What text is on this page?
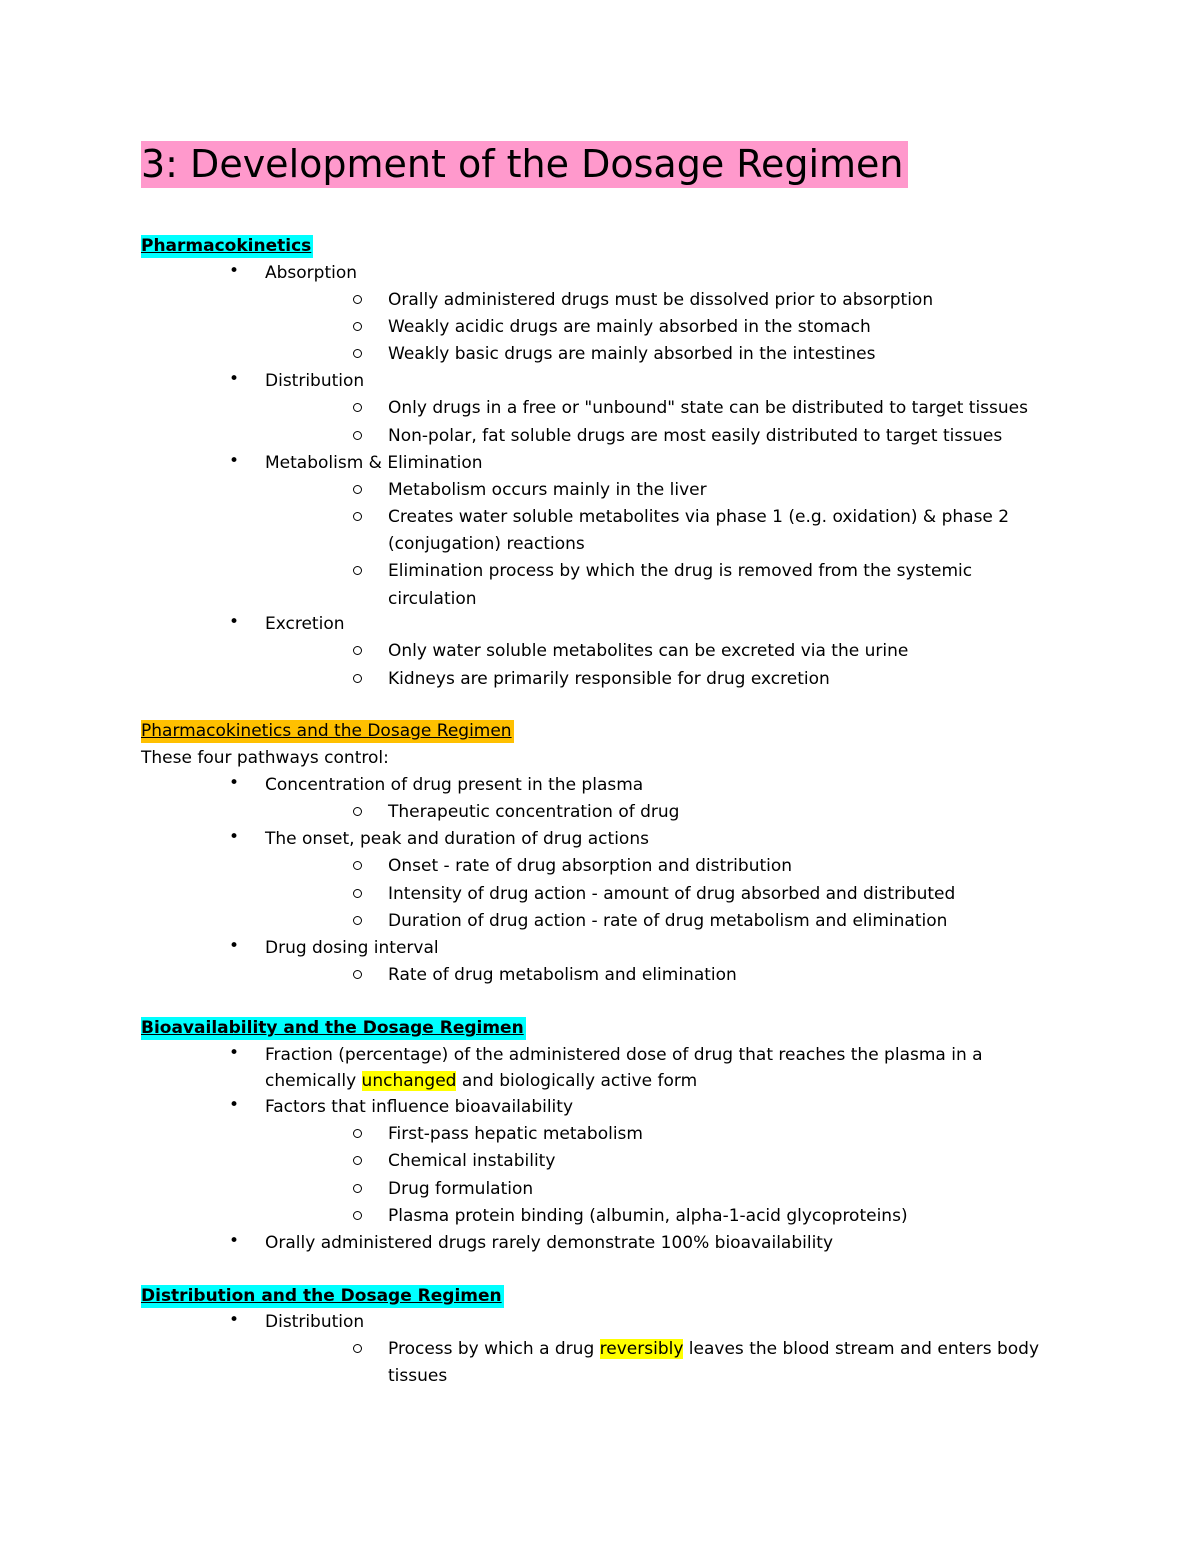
3: Development of the Dosage Regimen
Pharmacokinetics
• Absorption
Orally administered drugs must be dissolved prior to absorption
Weakly acidic drugs are mainly absorbed in the stomach
Weakly basic drugs are mainly absorbed in the intestines
• Distribution
Only drugs in a free or "unbound" state can be distributed to target tissues
Non-polar, fat soluble drugs are most easily distributed to target tissues
• Metabolism & Elimination
Metabolism occurs mainly in the liver
Creates water soluble metabolites via phase 1 (e.g. oxidation) & phase 2
(conjugation) reactions
Elimination process by which the drug is removed from the systemic
circulation
• Excretion
Only water soluble metabolites can be excreted via the urine
Kidneys are primarily responsible for drug excretion
Pharmacokinetics and the Dosage Regimen
These four pathways control:
• Concentration of drug present in the plasma
Therapeutic concentration of drug
• The onset, peak and duration of drug actions
Onset - rate of drug absorption and distribution
Intensity of drug action - amount of drug absorbed and distributed
Duration of drug action - rate of drug metabolism and elimination
• Drug dosing interval
Rate of drug metabolism and elimination
Bioavailability and the Dosage Regimen
• Fraction (percentage) of the administered dose of drug that reaches the plasma in a
chemically unchanged and biologically active form
• Factors that influence bioavailability
First-pass hepatic metabolism
Chemical instability
Drug formulation
Plasma protein binding (albumin, alpha-1-acid glycoproteins)
• Orally administered drugs rarely demonstrate 100% bioavailability
Distribution and the Dosage Regimen
• Distribution
Process by which a drug reversibly leaves the blood stream and enters body
tissues
